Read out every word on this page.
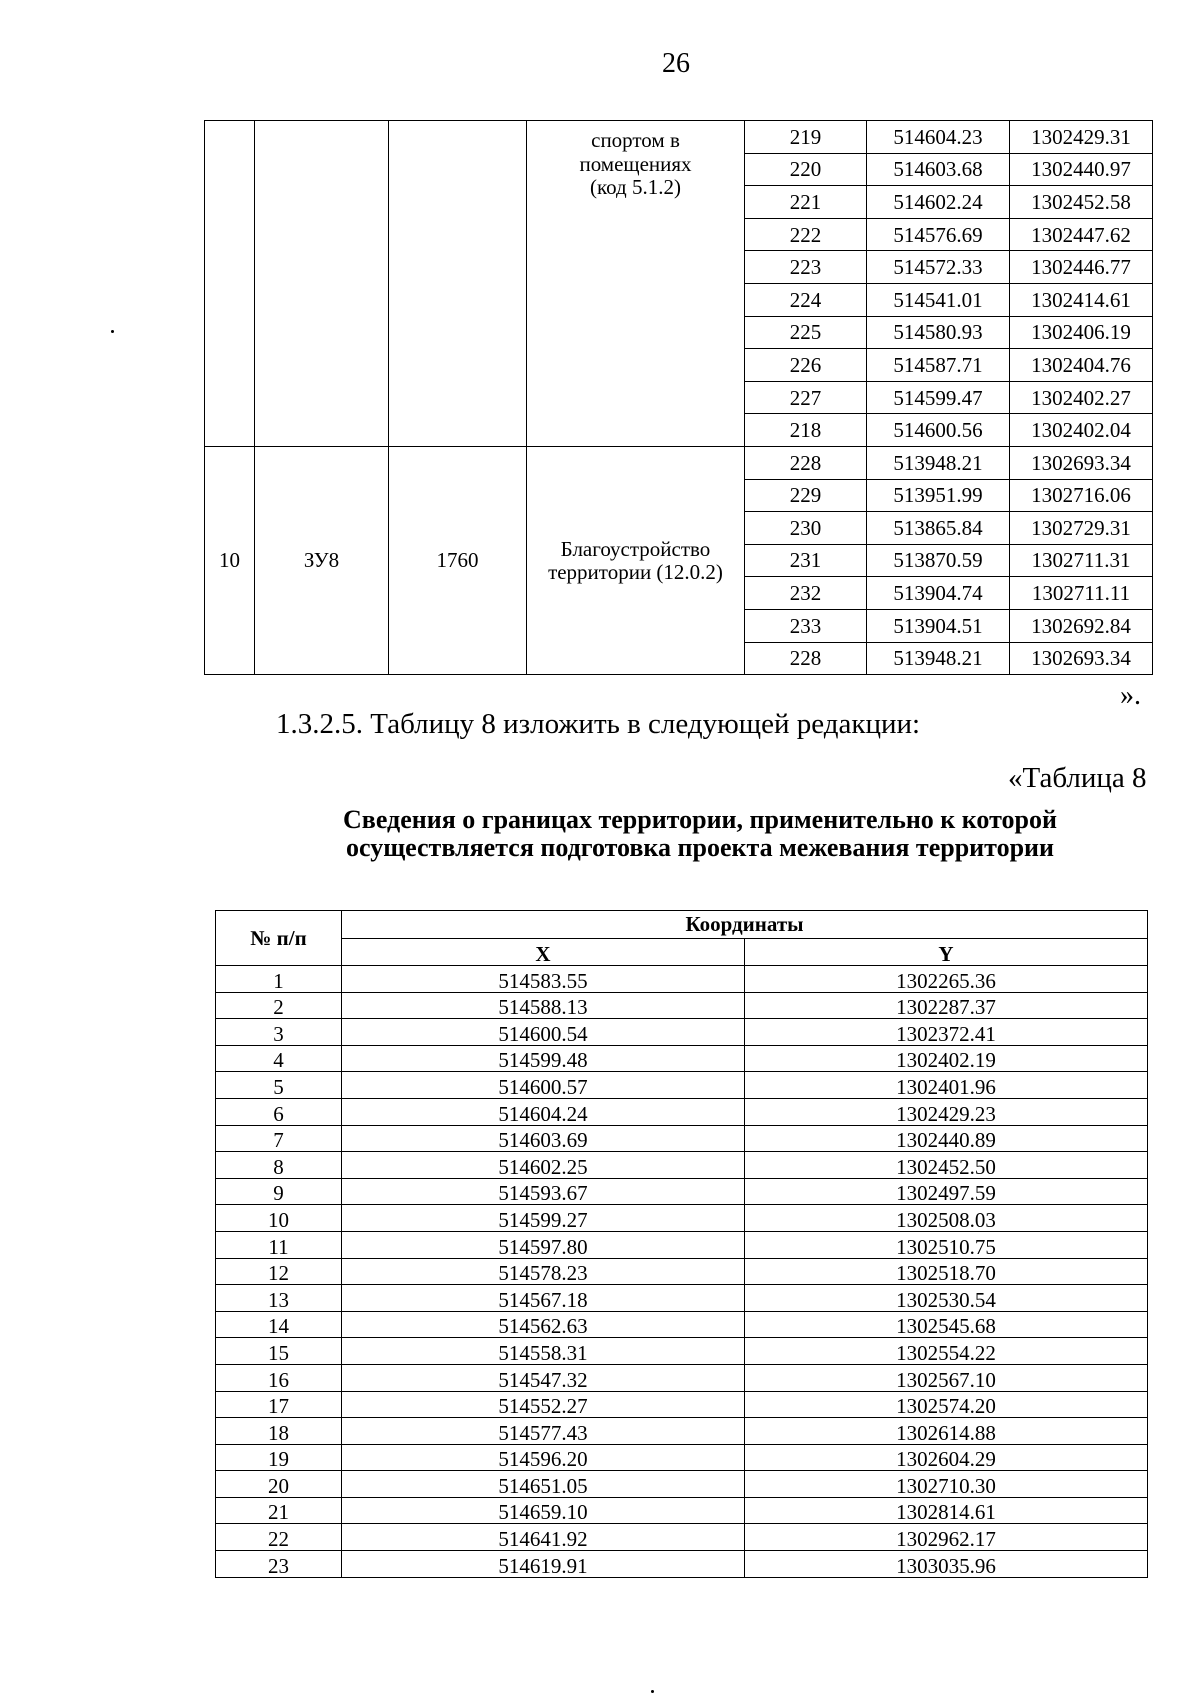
26

			спортом в
помещениях
(код 5.1.2)	219	514604.23	1302429.31
				220	514603.68	1302440.97
				221	514602.24	1302452.58
				222	514576.69	1302447.62
				223	514572.33	1302446.77
				224	514541.01	1302414.61
				225	514580.93	1302406.19
				226	514587.71	1302404.76
				227	514599.47	1302402.27
				218	514600.56	1302402.04
10	ЗУ8	1760	Благоустройство
территории (12.0.2)	228	513948.21	1302693.34
				229	513951.99	1302716.06
				230	513865.84	1302729.31
				231	513870.59	1302711.31
				232	513904.74	1302711.11
				233	513904.51	1302692.84
				228	513948.21	1302693.34
».
1.3.2.5. Таблицу 8 изложить в следующей редакции:
«Таблица 8
Сведения о границах территории, применительно к которой
осуществляется подготовка проекта межевания территории
№ п/п	Координаты	
	X	Y
1	514583.55	1302265.36
2	514588.13	1302287.37
3	514600.54	1302372.41
4	514599.48	1302402.19
5	514600.57	1302401.96
6	514604.24	1302429.23
7	514603.69	1302440.89
8	514602.25	1302452.50
9	514593.67	1302497.59
10	514599.27	1302508.03
11	514597.80	1302510.75
12	514578.23	1302518.70
13	514567.18	1302530.54
14	514562.63	1302545.68
15	514558.31	1302554.22
16	514547.32	1302567.10
17	514552.27	1302574.20
18	514577.43	1302614.88
19	514596.20	1302604.29
20	514651.05	1302710.30
21	514659.10	1302814.61
22	514641.92	1302962.17
23	514619.91	1303035.96
